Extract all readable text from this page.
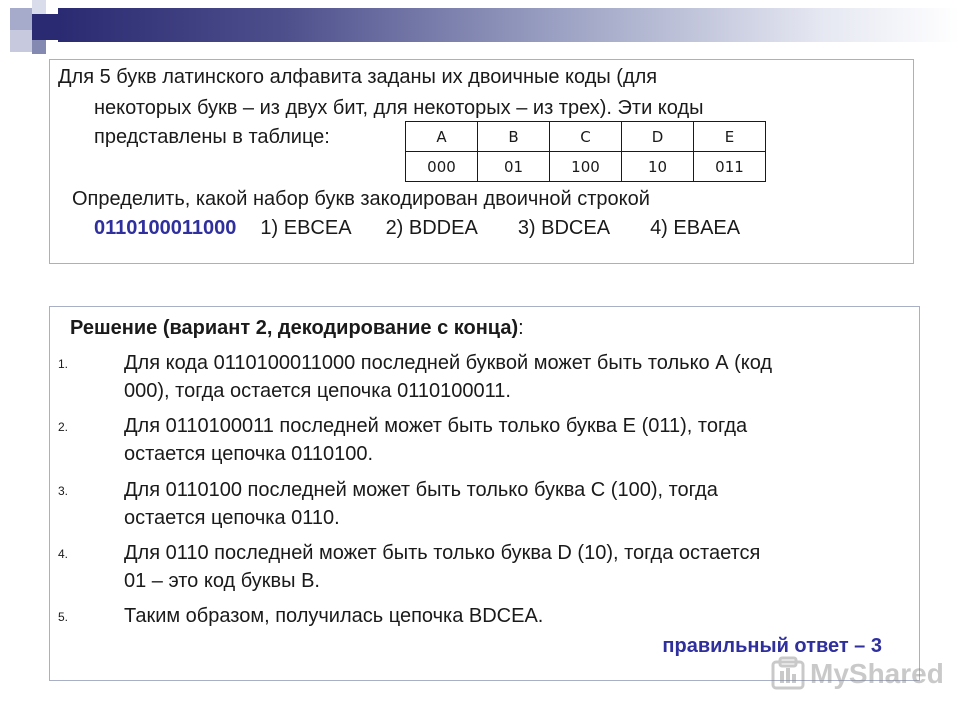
Для 5 букв латинского алфавита заданы их двоичные коды (для
некоторых букв – из двух бит, для некоторых – из трех). Эти коды
представлены в таблице:	A	B	C	D	E
000	01	100	10	011
Определить, какой набор букв закодирован двоичной строкой
0110100011000 1) EBCEA 2) BDDEA 3) BDCEA 4) EBAEA
Решение (вариант 2, декодирование с конца):
1.	Для кода 0110100011000 последней буквой может быть только А (код
000), тогда остается цепочка 0110100011.
2.	Для 0110100011 последней может быть только буква Е (011), тогда
остается цепочка 0110100.
3.	Для 0110100 последней может быть только буква С (100), тогда
остается цепочка 0110.
4.	Для 0110 последней может быть только буква D (10), тогда остается
01 – это код буквы В.
5.	Таким образом, получилась цепочка BDCEA.
правильный ответ – 3
MyShared
